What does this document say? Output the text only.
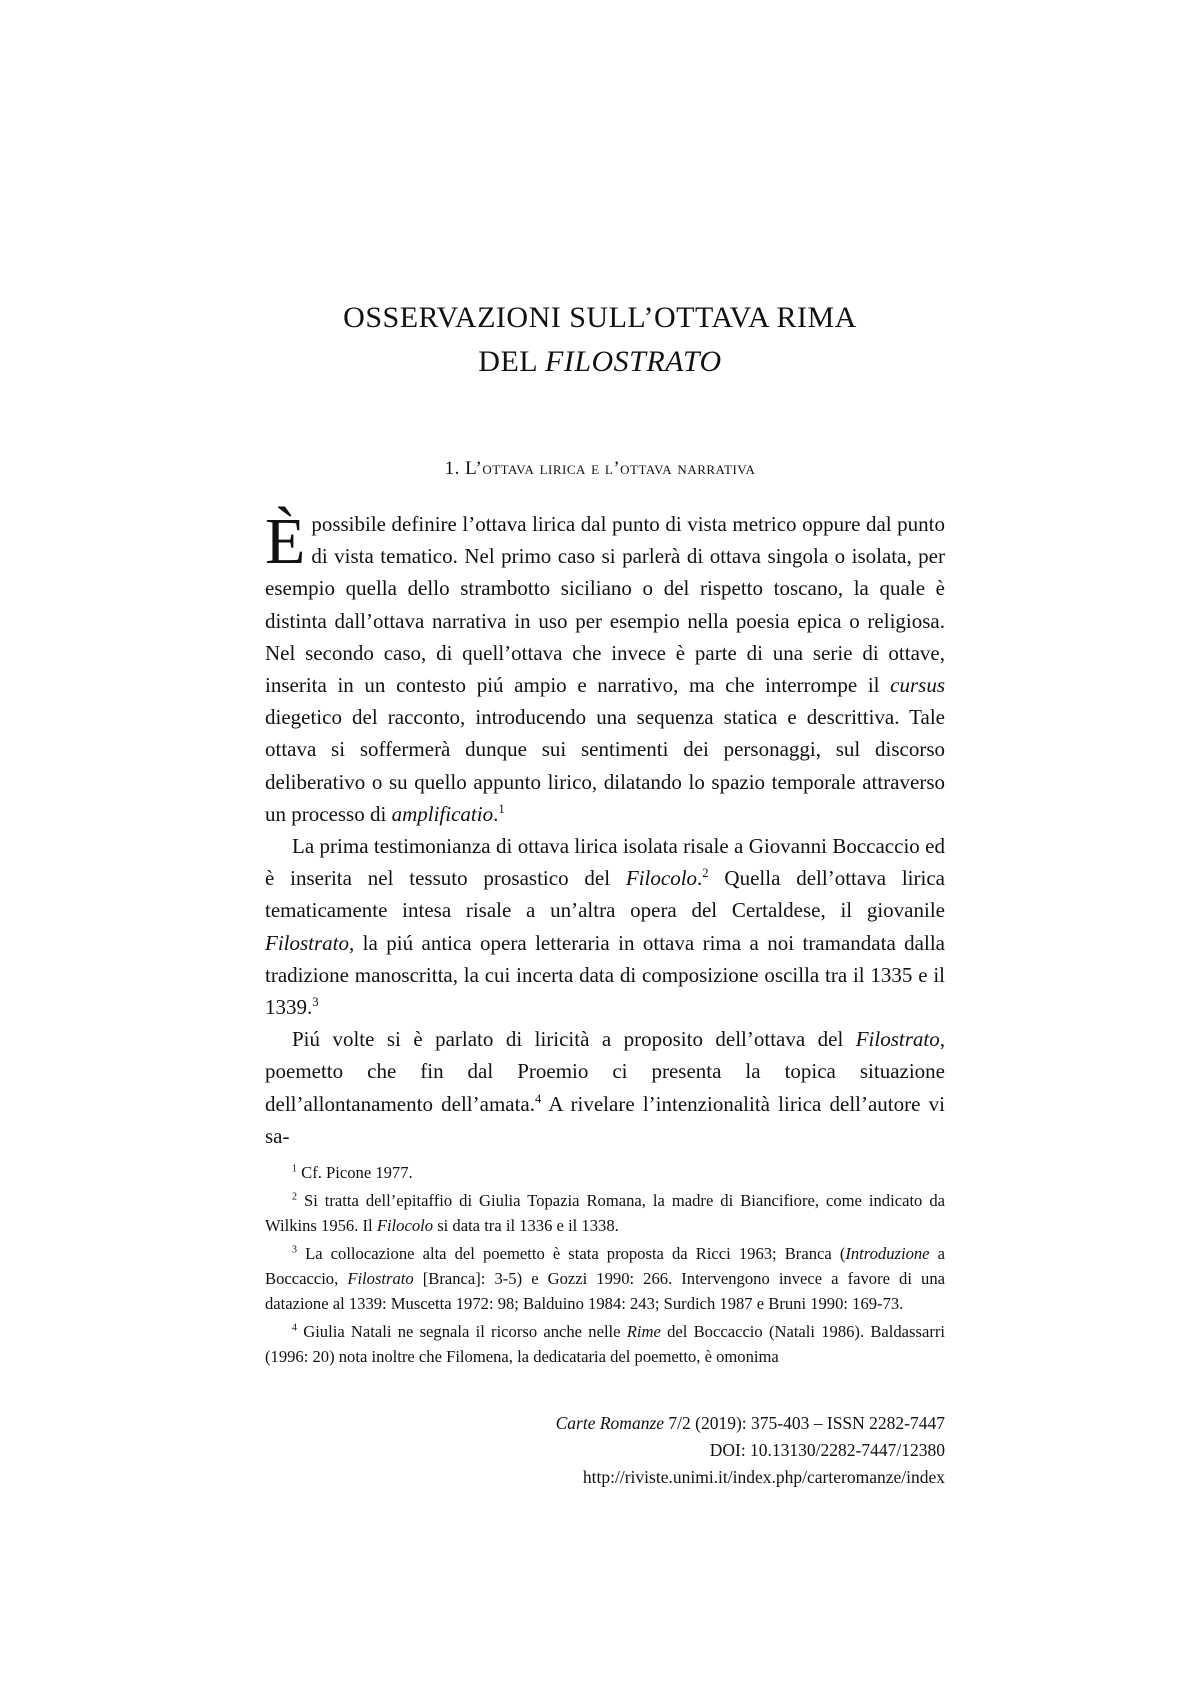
OSSERVAZIONI SULL’OTTAVA RIMA
DEL FILOSTRATO
1. L’ottava lirica e l’ottava narrativa

È possibile definire l’ottava lirica dal punto di vista metrico oppure dal punto di vista tematico. Nel primo caso si parlerà di ottava singola o isolata, per esempio quella dello strambotto siciliano o del rispetto toscano, la quale è distinta dall’ottava narrativa in uso per esempio nella poesia epica o religiosa. Nel secondo caso, di quell’ottava che invece è parte di una serie di ottave, inserita in un contesto piú ampio e narrativo, ma che interrompe il cursus diegetico del racconto, introducendo una sequenza statica e descrittiva. Tale ottava si soffermerà dunque sui sentimenti dei personaggi, sul discorso deliberativo o su quello appunto lirico, dilatando lo spazio temporale attraverso un processo di amplificatio.$^1$

La prima testimonianza di ottava lirica isolata risale a Giovanni Boccaccio ed è inserita nel tessuto prosastico del Filocolo.$^2$ Quella dell’ottava lirica tematicamente intesa risale a un’altra opera del Certaldese, il giovanile Filostrato, la piú antica opera letteraria in ottava rima a noi tramandata dalla tradizione manoscritta, la cui incerta data di composizione oscilla tra il 1335 e il 1339.$^3$

Piú volte si è parlato di liricità a proposito dell’ottava del Filostrato, poemetto che fin dal Proemio ci presenta la topica situazione dell’allontanamento dell’amata.$^4$ A rivelare l’intenzionalità lirica dell’autore vi sa-

$^1$ Cf. Picone 1977.

$^2$ Si tratta dell’epitaffio di Giulia Topazia Romana, la madre di Biancifiore, come indicato da Wilkins 1956. Il Filocolo si data tra il 1336 e il 1338.

$^3$ La collocazione alta del poemetto è stata proposta da Ricci 1963; Branca (Introduzione a Boccaccio, Filostrato [Branca]: 3-5) e Gozzi 1990: 266. Intervengono invece a favore di una datazione al 1339: Muscetta 1972: 98; Balduino 1984: 243; Surdich 1987 e Bruni 1990: 169-73.

$^4$ Giulia Natali ne segnala il ricorso anche nelle Rime del Boccaccio (Natali 1986). Baldassarri (1996: 20) nota inoltre che Filomena, la dedicataria del poemetto, è omonima

Carte Romanze 7/2 (2019): 375-403 – ISSN 2282-7447
DOI: 10.13130/2282-7447/12380
http://riviste.unimi.it/index.php/carteromanze/index
